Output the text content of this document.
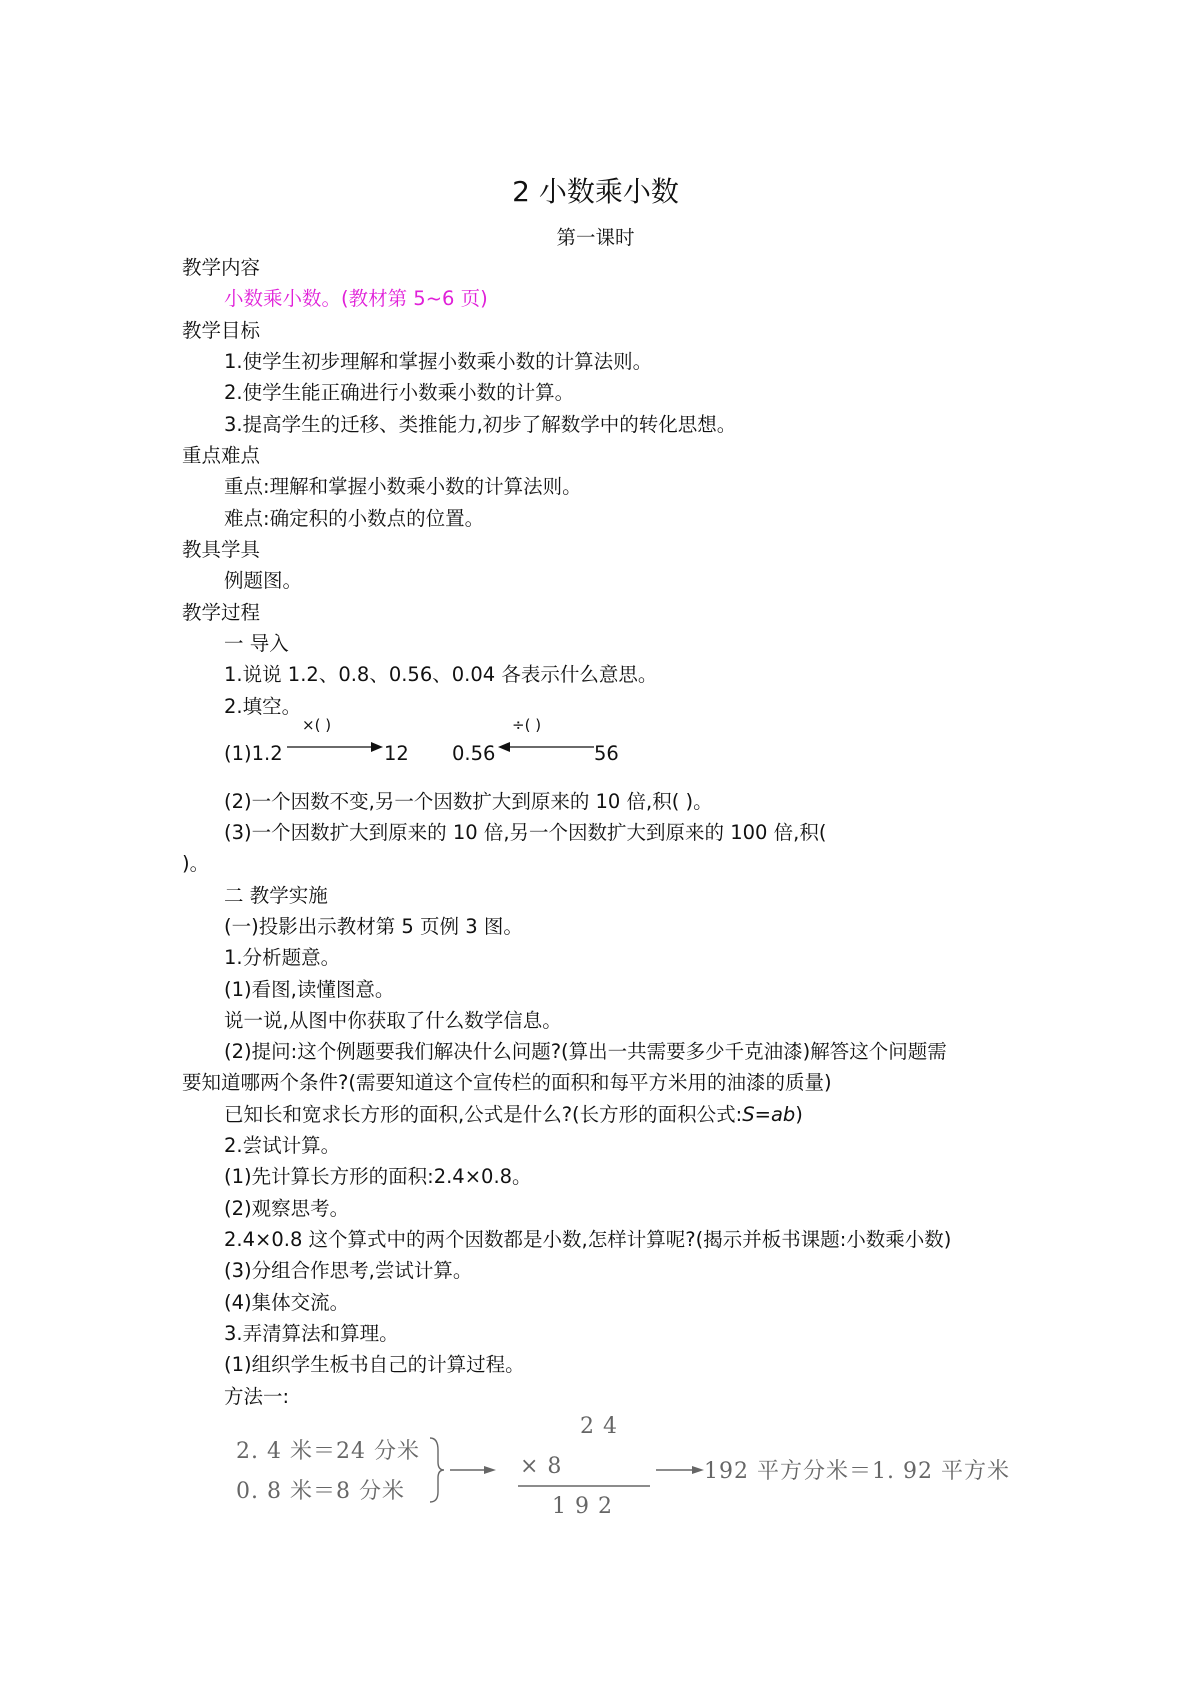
2 小数乘小数
第一课时
教学内容
小数乘小数。(教材第 5~6 页)
教学目标
1.使学生初步理解和掌握小数乘小数的计算法则。
2.使学生能正确进行小数乘小数的计算。
3.提高学生的迁移、类推能力,初步了解数学中的转化思想。
重点难点
重点:理解和掌握小数乘小数的计算法则。
难点:确定积的小数点的位置。
教具学具
例题图。
教学过程
一 导入
1.说说 1.2、0.8、0.56、0.04 各表示什么意思。
2.填空。
(2)一个因数不变,另一个因数扩大到原来的 10 倍,积( )。
(3)一个因数扩大到原来的 10 倍,另一个因数扩大到原来的 100 倍,积(
)。
二 教学实施
(一)投影出示教材第 5 页例 3 图。
1.分析题意。
(1)看图,读懂图意。
说一说,从图中你获取了什么数学信息。
(2)提问:这个例题要我们解决什么问题?(算出一共需要多少千克油漆)解答这个问题需
要知道哪两个条件?(需要知道这个宣传栏的面积和每平方米用的油漆的质量)
2.尝试计算。
(1)先计算长方形的面积:2.4×0.8。
(2)观察思考。
2.4×0.8 这个算式中的两个因数都是小数,怎样计算呢?(揭示并板书课题:小数乘小数)
(3)分组合作思考,尝试计算。
(4)集体交流。
3.弄清算法和算理。
(1)组织学生板书自己的计算过程。
方法一:
已知长和宽求长方形的面积,公式是什么?(长方形的面积公式:S=ab)
(1)1.2
×( )
12 0.56
÷( )
56
2. 4 米＝24 分米
0. 8 米＝8 分米
2 4
× 8
1 9 2
192 平方分米＝1. 92 平方米
